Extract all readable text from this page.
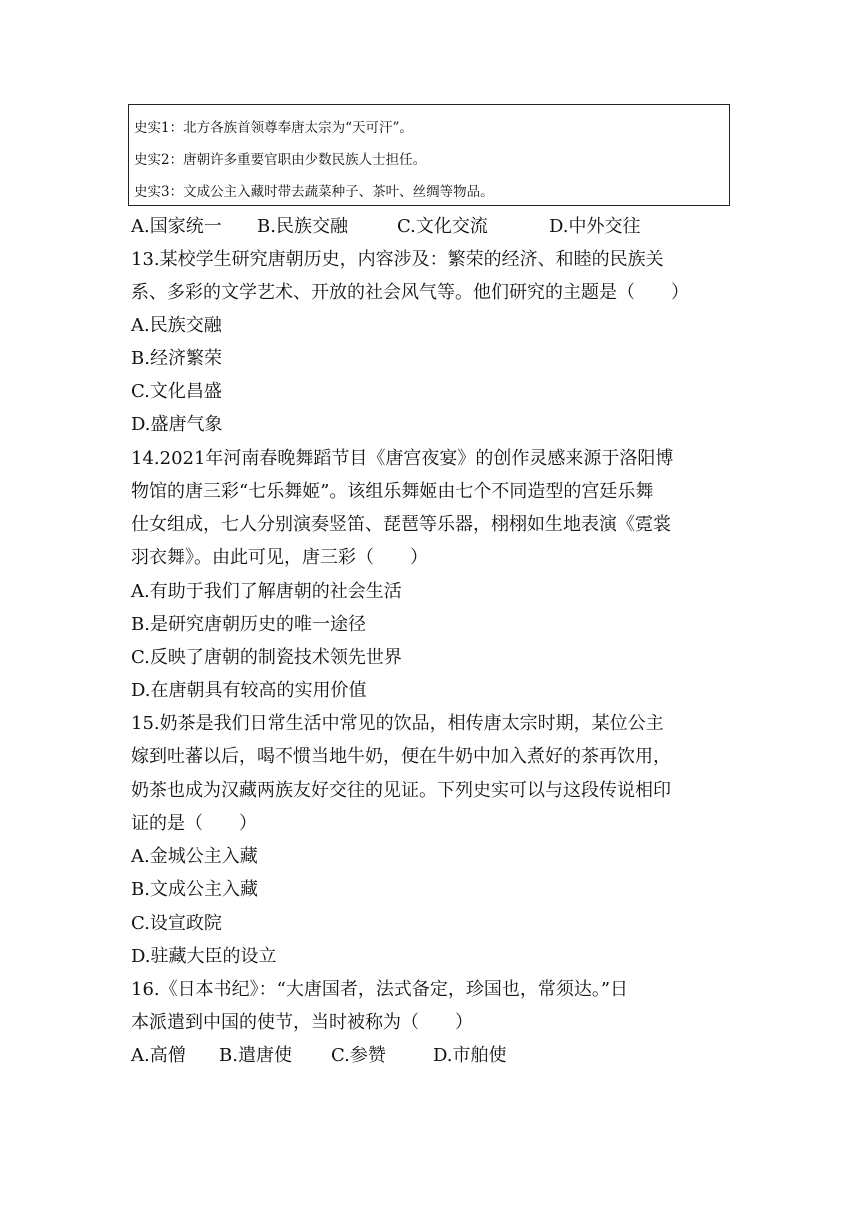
史实1：北方各族首领尊奉唐太宗为“天可汗”。
史实2：唐朝许多重要官职由少数民族人士担任。
史实3：文成公主入藏时带去蔬菜种子、茶叶、丝绸等物品。
A.国家统一 B.民族交融	C.文化交流	D.中外交往
13.某校学生研究唐朝历史，内容涉及：繁荣的经济、和睦的民族关
系、多彩的文学艺术、开放的社会风气等。他们研究的主题是（　　）
A.民族交融
B.经济繁荣
C.文化昌盛
D.盛唐气象
14.2021年河南春晚舞蹈节目《唐宫夜宴》的创作灵感来源于洛阳博
物馆的唐三彩“七乐舞姬”。该组乐舞姬由七个不同造型的宫廷乐舞
仕女组成，七人分别演奏竖笛、琵琶等乐器，栩栩如生地表演《霓裳
羽衣舞》。由此可见，唐三彩（　　）
A.有助于我们了解唐朝的社会生活
B.是研究唐朝历史的唯一途径
C.反映了唐朝的制瓷技术领先世界
D.在唐朝具有较高的实用价值
15.奶茶是我们日常生活中常见的饮品，相传唐太宗时期，某位公主
嫁到吐蕃以后，喝不惯当地牛奶，便在牛奶中加入煮好的茶再饮用，
奶茶也成为汉藏两族友好交往的见证。下列史实可以与这段传说相印
证的是（　　）
A.金城公主入藏
B.文成公主入藏
C.设宣政院
D.驻藏大臣的设立
16.《日本书纪》：“大唐国者，法式备定，珍国也，常须达。”日
本派遣到中国的使节，当时被称为（　　）
A.高僧 B.遣唐使 C.参赞	D.市舶使
